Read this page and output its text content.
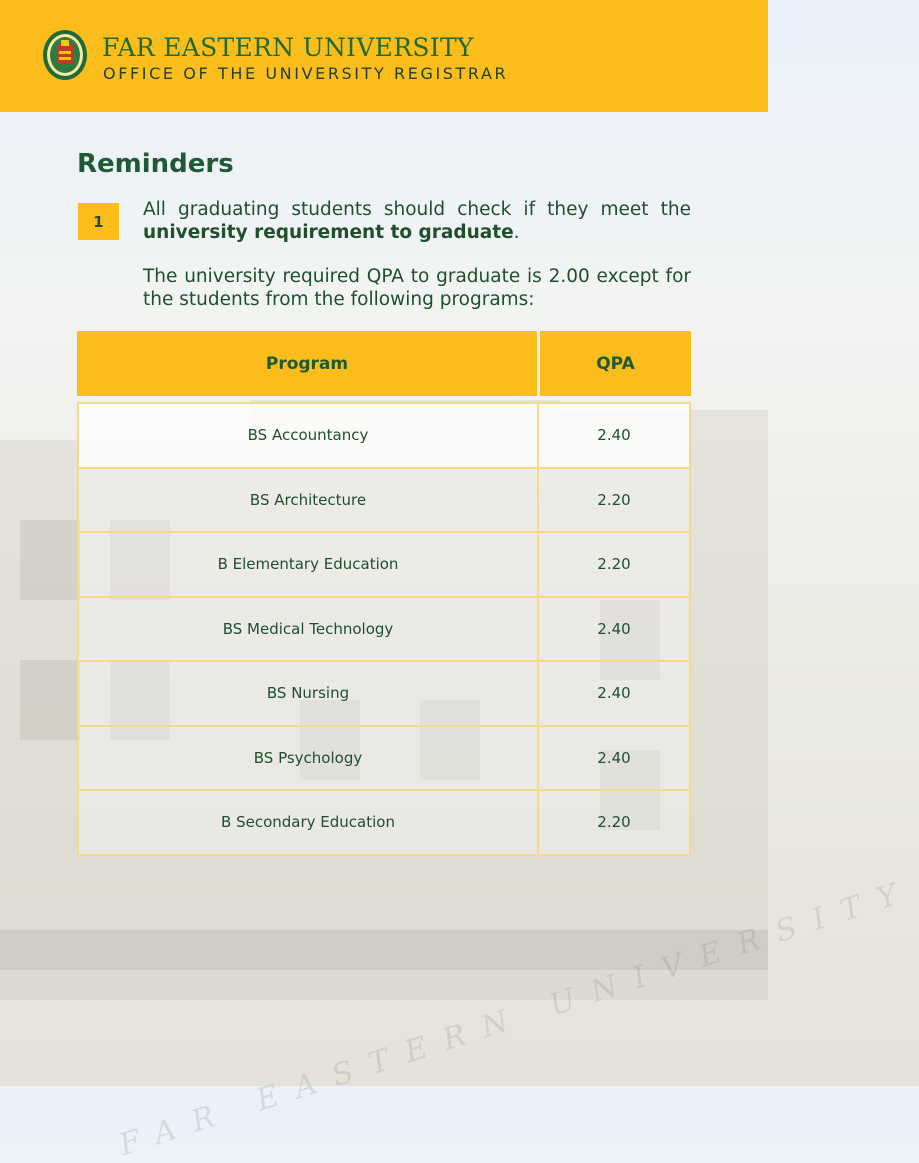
FAR EASTERN UNIVERSITY
FAR EASTERN UNIVERSITY
OFFICE OF THE UNIVERSITY REGISTRAR
Reminders
1
All graduating students should check if they meet the university requirement to graduate.
The university required QPA to graduate is 2.00 except for the students from the following programs:
Program	QPA
BS Accountancy	2.40
BS Architecture	2.20
B Elementary Education	2.20
BS Medical Technology	2.40
BS Nursing	2.40
BS Psychology	2.40
B Secondary Education	2.20
